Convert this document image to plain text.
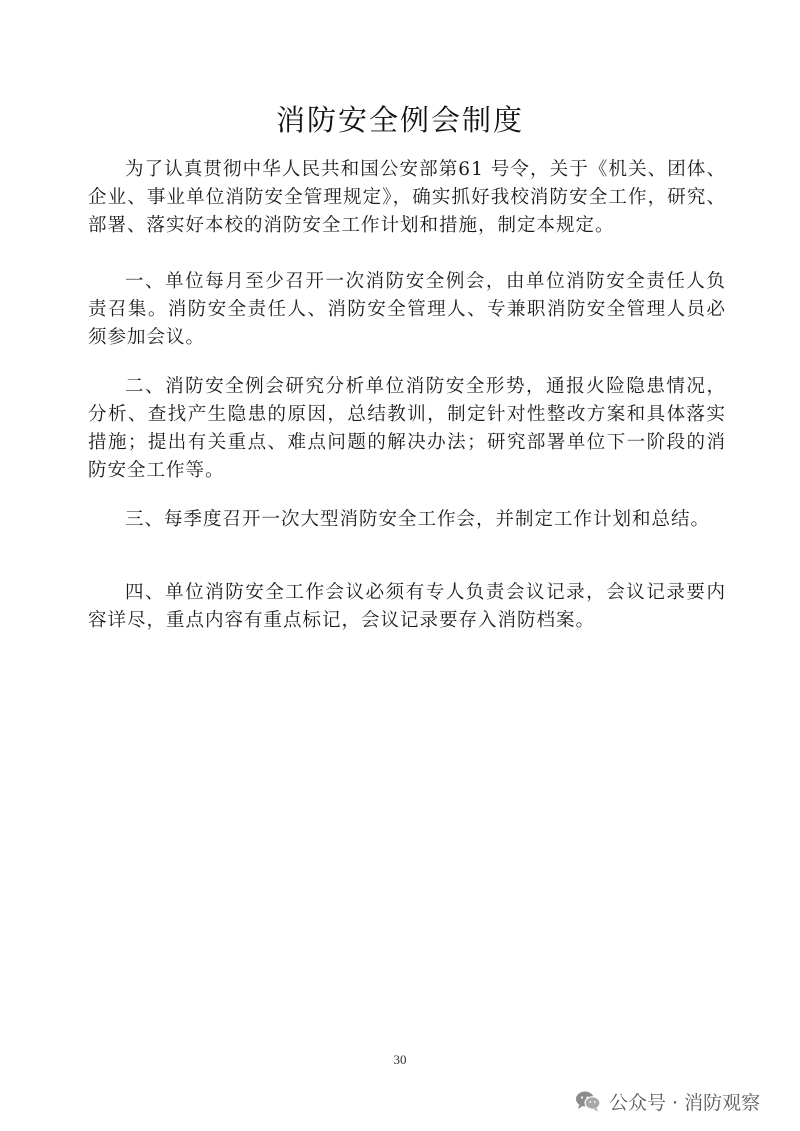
消防安全例会制度

为了认真贯彻中华人民共和国公安部第61 号令，关于《机关、团体、企业、事业单位消防安全管理规定》，确实抓好我校消防安全工作，研究、部署、落实好本校的消防安全工作计划和措施，制定本规定。

一、单位每月至少召开一次消防安全例会，由单位消防安全责任人负责召集。消防安全责任人、消防安全管理人、专兼职消防安全管理人员必须参加会议。

二、消防安全例会研究分析单位消防安全形势，通报火险隐患情况，分析、查找产生隐患的原因，总结教训，制定针对性整改方案和具体落实措施；提出有关重点、难点问题的解决办法；研究部署单位下一阶段的消防安全工作等。

三、每季度召开一次大型消防安全工作会，并制定工作计划和总结。

四、单位消防安全工作会议必须有专人负责会议记录，会议记录要内容详尽，重点内容有重点标记，会议记录要存入消防档案。

30
公众号 · 消防观察
